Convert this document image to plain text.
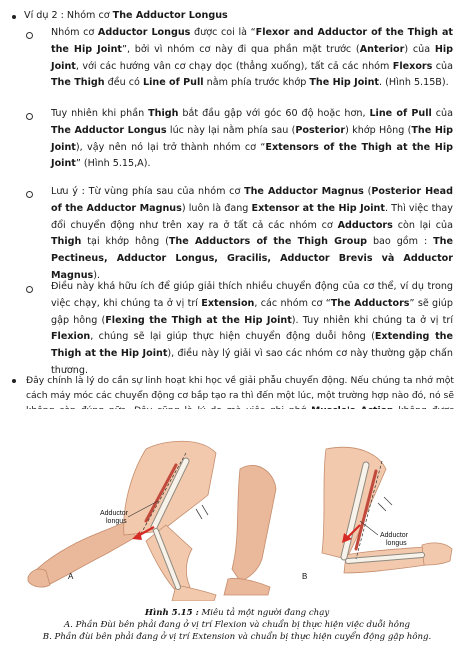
Ví dụ 2 : Nhóm cơ The Adductor Longus
Nhóm cơ Adductor Longus được coi là “Flexor and Adductor of the Thigh at the Hip Joint”, bởi vì nhóm cơ này đi qua phần mặt trước (Anterior) của Hip Joint, với các hướng vân cơ chạy dọc (thẳng xuống), tất cả các nhóm Flexors của The Thigh đều có Line of Pull nằm phía trước khớp The Hip Joint. (Hình 5.15B).
Tuy nhiên khi phần Thigh bắt đầu gập với góc 60 độ hoặc hơn, Line of Pull của The Adductor Longus lúc này lại nằm phía sau (Posterior) khớp Hông (The Hip Joint), vậy nên nó lại trở thành nhóm cơ “Extensors of the Thigh at the Hip Joint” (Hình 5.15,A).
Lưu ý : Từ vùng phía sau của nhóm cơ The Adductor Magnus (Posterior Head of the Adductor Magnus) luôn là đang Extensor at the Hip Joint. Thì việc thay đổi chuyển động như trên xay ra ở tất cả các nhóm cơ Adductors còn lại của Thigh tại khớp hông (The Adductors of the Thigh Group bao gồm : The Pectineus, Adductor Longus, Gracilis, Adductor Brevis và Adductor Magnus).
Điều này khá hữu ích để giúp giải thích nhiều chuyển động của cơ thể, ví dụ trong việc chạy, khi chúng ta ở vị trí Extension, các nhóm cơ “The Adductors” sẽ giúp gập hông (Flexing the Thigh at the Hip Joint). Tuy nhiên khi chúng ta ở vị trí Flexion, chúng sẽ lại giúp thực hiện chuyển động duỗi hông (Extending the Thigh at the Hip Joint), điều này lý giải vì sao các nhóm cơ này thường gặp chấn thương.
Đây chính là lý do cần sự linh hoạt khi học về giải phẫu chuyển động. Nếu chúng ta nhớ một cách máy móc các chuyển động cơ bắp tạo ra thì đến một lúc, một trường hợp nào đó, nó sẽ
Adductor
longus
A
Adductor
longus
B
Hình 5.15 : Miêu tả một người đang chạy
A. Phần Đùi bên phải đang ở vị trí Flexion và chuẩn bị thực hiện việc duỗi hông
B. Phần đùi bên phải đang ở vị trí Extension và chuẩn bị thực hiện cuyển động gập hông.
